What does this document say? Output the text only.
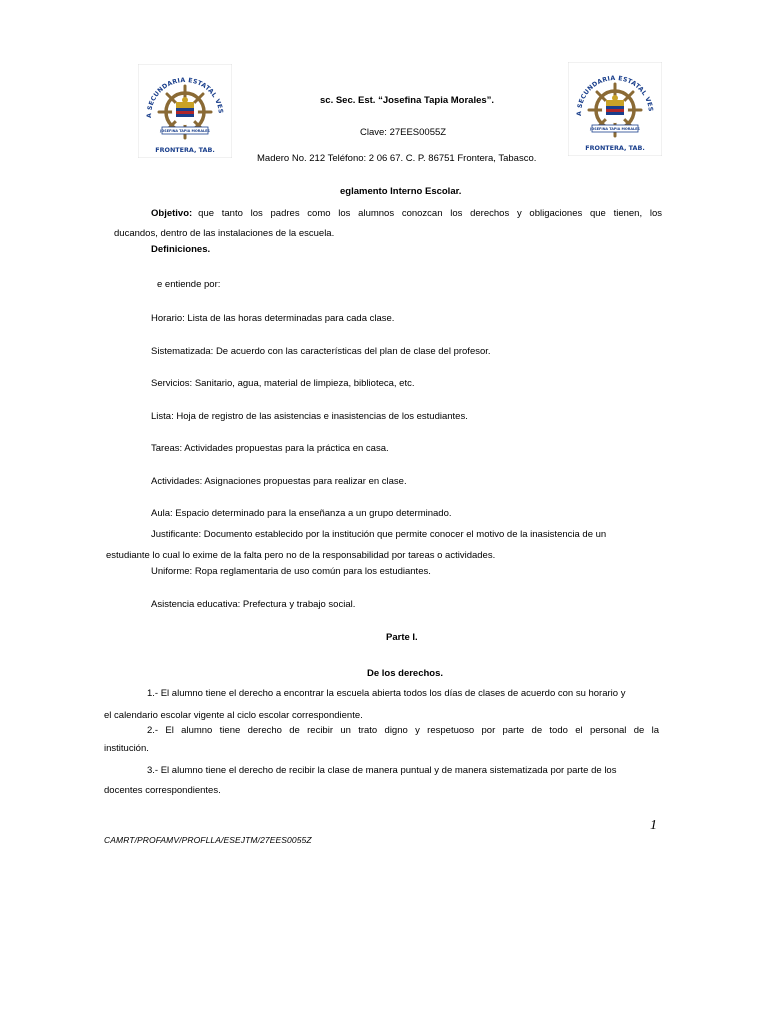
A SECUNDARIA ESTATAL VES
JOSEFINA TAPIA MORALES
FRONTERA, TAB.
A SECUNDARIA ESTATAL VES
JOSEFINA TAPIA MORALES
FRONTERA, TAB.
sc. Sec. Est. “Josefina Tapia Morales”.
Clave: 27EES0055Z
Madero No. 212 Teléfono: 2 06 67. C. P. 86751 Frontera, Tabasco.
eglamento Interno Escolar.
Objetivo: que tanto los padres como los alumnos conozcan los derechos y obligaciones que tienen, los
ducandos, dentro de las instalaciones de la escuela.
Definiciones.
e entiende por:
Horario: Lista de las horas determinadas para cada clase.
Sistematizada: De acuerdo con las características del plan de clase del profesor.
Servicios: Sanitario, agua, material de limpieza, biblioteca, etc.
Lista: Hoja de registro de las asistencias e inasistencias de los estudiantes.
Tareas: Actividades propuestas para la práctica en casa.
Actividades: Asignaciones propuestas para realizar en clase.
Aula: Espacio determinado para la enseñanza a un grupo determinado.
Justificante: Documento establecido por la institución que permite conocer el motivo de la inasistencia de un
estudiante lo cual lo exime de la falta pero no de la responsabilidad por tareas o actividades.
Uniforme: Ropa reglamentaria de uso común para los estudiantes.
Asistencia educativa: Prefectura y trabajo social.
Parte I.
De los derechos.
1.- El alumno tiene el derecho a encontrar la escuela abierta todos los días de clases de acuerdo con su horario y
el calendario escolar vigente al ciclo escolar correspondiente.
2.- El alumno tiene derecho de recibir un trato digno y respetuoso por parte de todo el personal de la
institución.
3.- El alumno tiene el derecho de recibir la clase de manera puntual y de manera sistematizada por parte de los
docentes correspondientes.
1
CAMRT/PROFAMV/PROFLLA/ESEJTM/27EES0055Z
